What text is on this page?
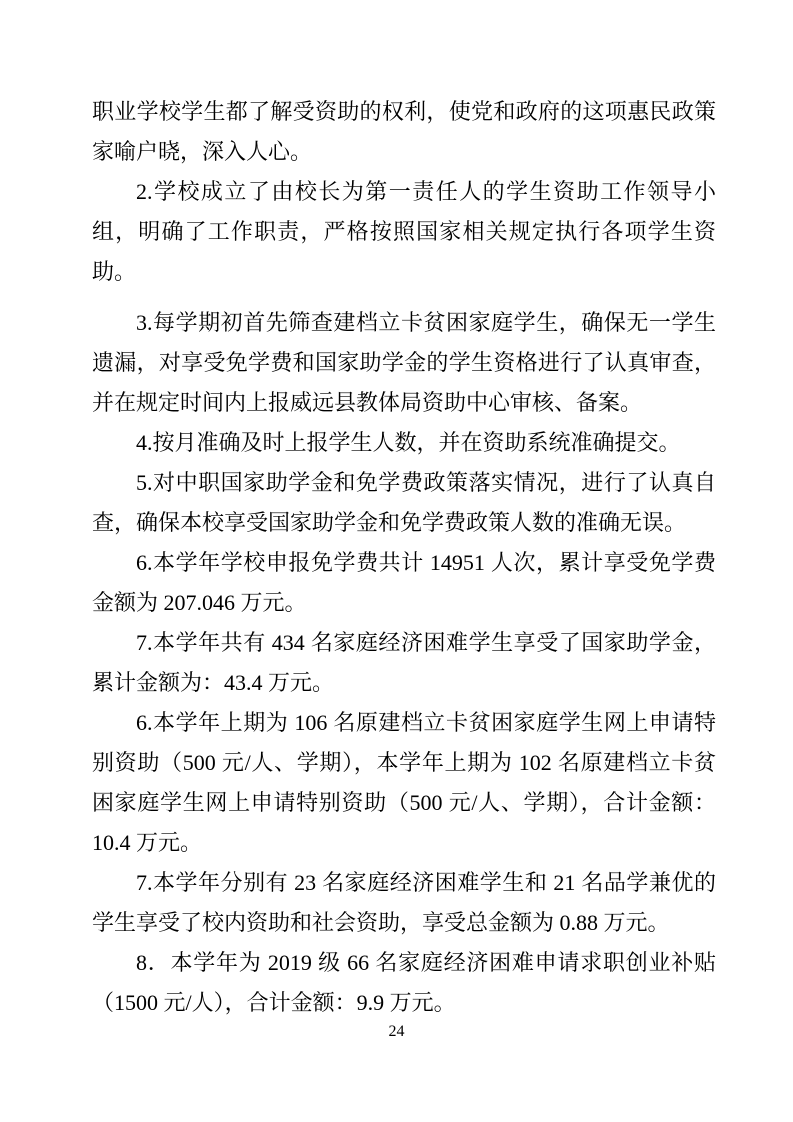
职业学校学生都了解受资助的权利，使党和政府的这项惠民政策家喻户晓，深入人心。

2.学校成立了由校长为第一责任人的学生资助工作领导小组，明确了工作职责，严格按照国家相关规定执行各项学生资助。

3.每学期初首先筛查建档立卡贫困家庭学生，确保无一学生遗漏，对享受免学费和国家助学金的学生资格进行了认真审查，并在规定时间内上报威远县教体局资助中心审核、备案。

4.按月准确及时上报学生人数，并在资助系统准确提交。

5.对中职国家助学金和免学费政策落实情况，进行了认真自查，确保本校享受国家助学金和免学费政策人数的准确无误。

6.本学年学校申报免学费共计 14951 人次，累计享受免学费金额为 207.046 万元。

7.本学年共有 434 名家庭经济困难学生享受了国家助学金，累计金额为：43.4 万元。

6.本学年上期为 106 名原建档立卡贫困家庭学生网上申请特别资助（500 元/人、学期），本学年上期为 102 名原建档立卡贫困家庭学生网上申请特别资助（500 元/人、学期），合计金额：10.4 万元。

7.本学年分别有 23 名家庭经济困难学生和 21 名品学兼优的学生享受了校内资助和社会资助，享受总金额为 0.88 万元。

8．本学年为 2019 级 66 名家庭经济困难申请求职创业补贴（1500 元/人），合计金额：9.9 万元。

24
